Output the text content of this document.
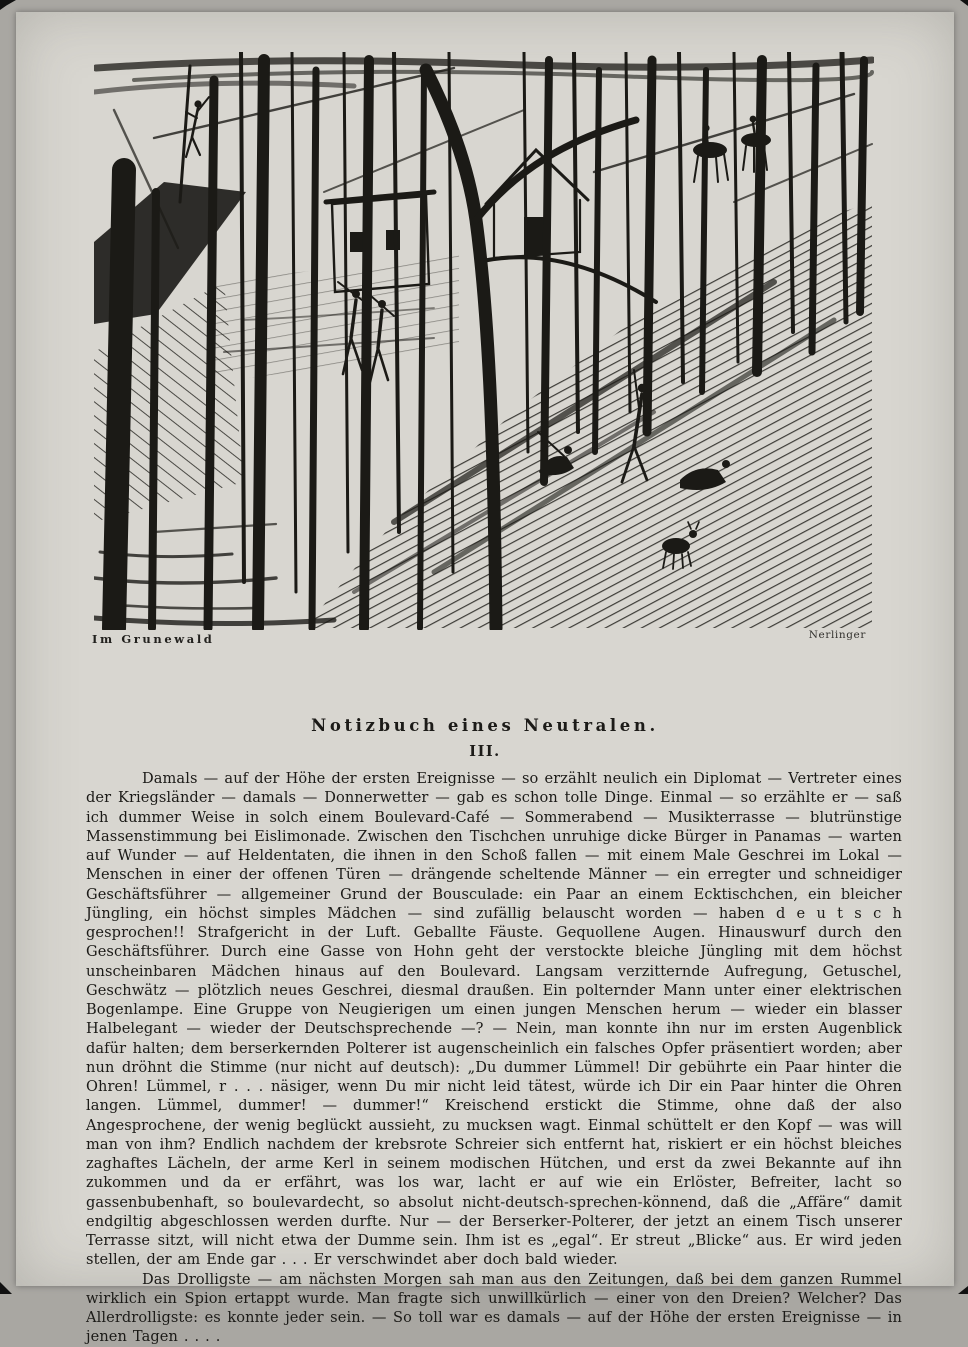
Im Grunewald	Nerlinger
Notizbuch eines Neutralen.
III.

Damals — auf der Höhe der ersten Ereignisse — so erzählt neulich ein Diplomat — Vertreter eines der Kriegsländer — damals — Donnerwetter — gab es schon tolle Dinge. Einmal — so erzählte er — saß ich dummer Weise in solch einem Boulevard-Café — Sommerabend — Musikterrasse — blutrünstige Massenstimmung bei Eislimonade. Zwischen den Tischchen unruhige dicke Bürger in Panamas — warten auf Wunder — auf Heldentaten, die ihnen in den Schoß fallen — mit einem Male Geschrei im Lokal — Menschen in einer der offenen Türen — drängende scheltende Männer — ein erregter und schneidiger Geschäftsführer — allgemeiner Grund der Bousculade: ein Paar an einem Ecktischchen, ein bleicher Jüngling, ein höchst simples Mädchen — sind zufällig belauscht worden — haben d e u t s c h gesprochen!! Strafgericht in der Luft. Geballte Fäuste. Gequollene Augen. Hinauswurf durch den Geschäftsführer. Durch eine Gasse von Hohn geht der verstockte bleiche Jüngling mit dem höchst unscheinbaren Mädchen hinaus auf den Boulevard. Langsam verzitternde Aufregung, Getuschel, Geschwätz — plötzlich neues Geschrei, diesmal draußen. Ein polternder Mann unter einer elektrischen Bogenlampe. Eine Gruppe von Neugierigen um einen jungen Menschen herum — wieder ein blasser Halbelegant — wieder der Deutschsprechende —? — Nein, man konnte ihn nur im ersten Augenblick dafür halten; dem berserkernden Polterer ist augenscheinlich ein falsches Opfer präsentiert worden; aber nun dröhnt die Stimme (nur nicht auf deutsch): „Du dummer Lümmel! Dir gebührte ein Paar hinter die Ohren! Lümmel, r . . . näsiger, wenn Du mir nicht leid tätest, würde ich Dir ein Paar hinter die Ohren langen. Lümmel, dummer! — dummer!“ Kreischend erstickt die Stimme, ohne daß der also Angesprochene, der wenig beglückt aussieht, zu mucksen wagt. Einmal schüttelt er den Kopf — was will man von ihm? Endlich nachdem der krebsrote Schreier sich entfernt hat, riskiert er ein höchst bleiches zaghaftes Lächeln, der arme Kerl in seinem modischen Hütchen, und erst da zwei Bekannte auf ihn zukommen und da er erfährt, was los war, lacht er auf wie ein Erlöster, Befreiter, lacht so gassenbubenhaft, so boulevardecht, so absolut nicht-deutsch-sprechen-könnend, daß die „Affäre“ damit endgiltig abgeschlossen werden durfte. Nur — der Berserker-Polterer, der jetzt an einem Tisch unserer Terrasse sitzt, will nicht etwa der Dumme sein. Ihm ist es „egal“. Er streut „Blicke“ aus. Er wird jeden stellen, der am Ende gar . . . Er verschwindet aber doch bald wieder.

Das Drolligste — am nächsten Morgen sah man aus den Zeitungen, daß bei dem ganzen Rummel wirklich ein Spion ertappt wurde. Man fragte sich unwillkürlich — einer von den Dreien? Welcher? Das Allerdrolligste: es konnte jeder sein. — So toll war es damals — auf der Höhe der ersten Ereignisse — in jenen Tagen . . . .
